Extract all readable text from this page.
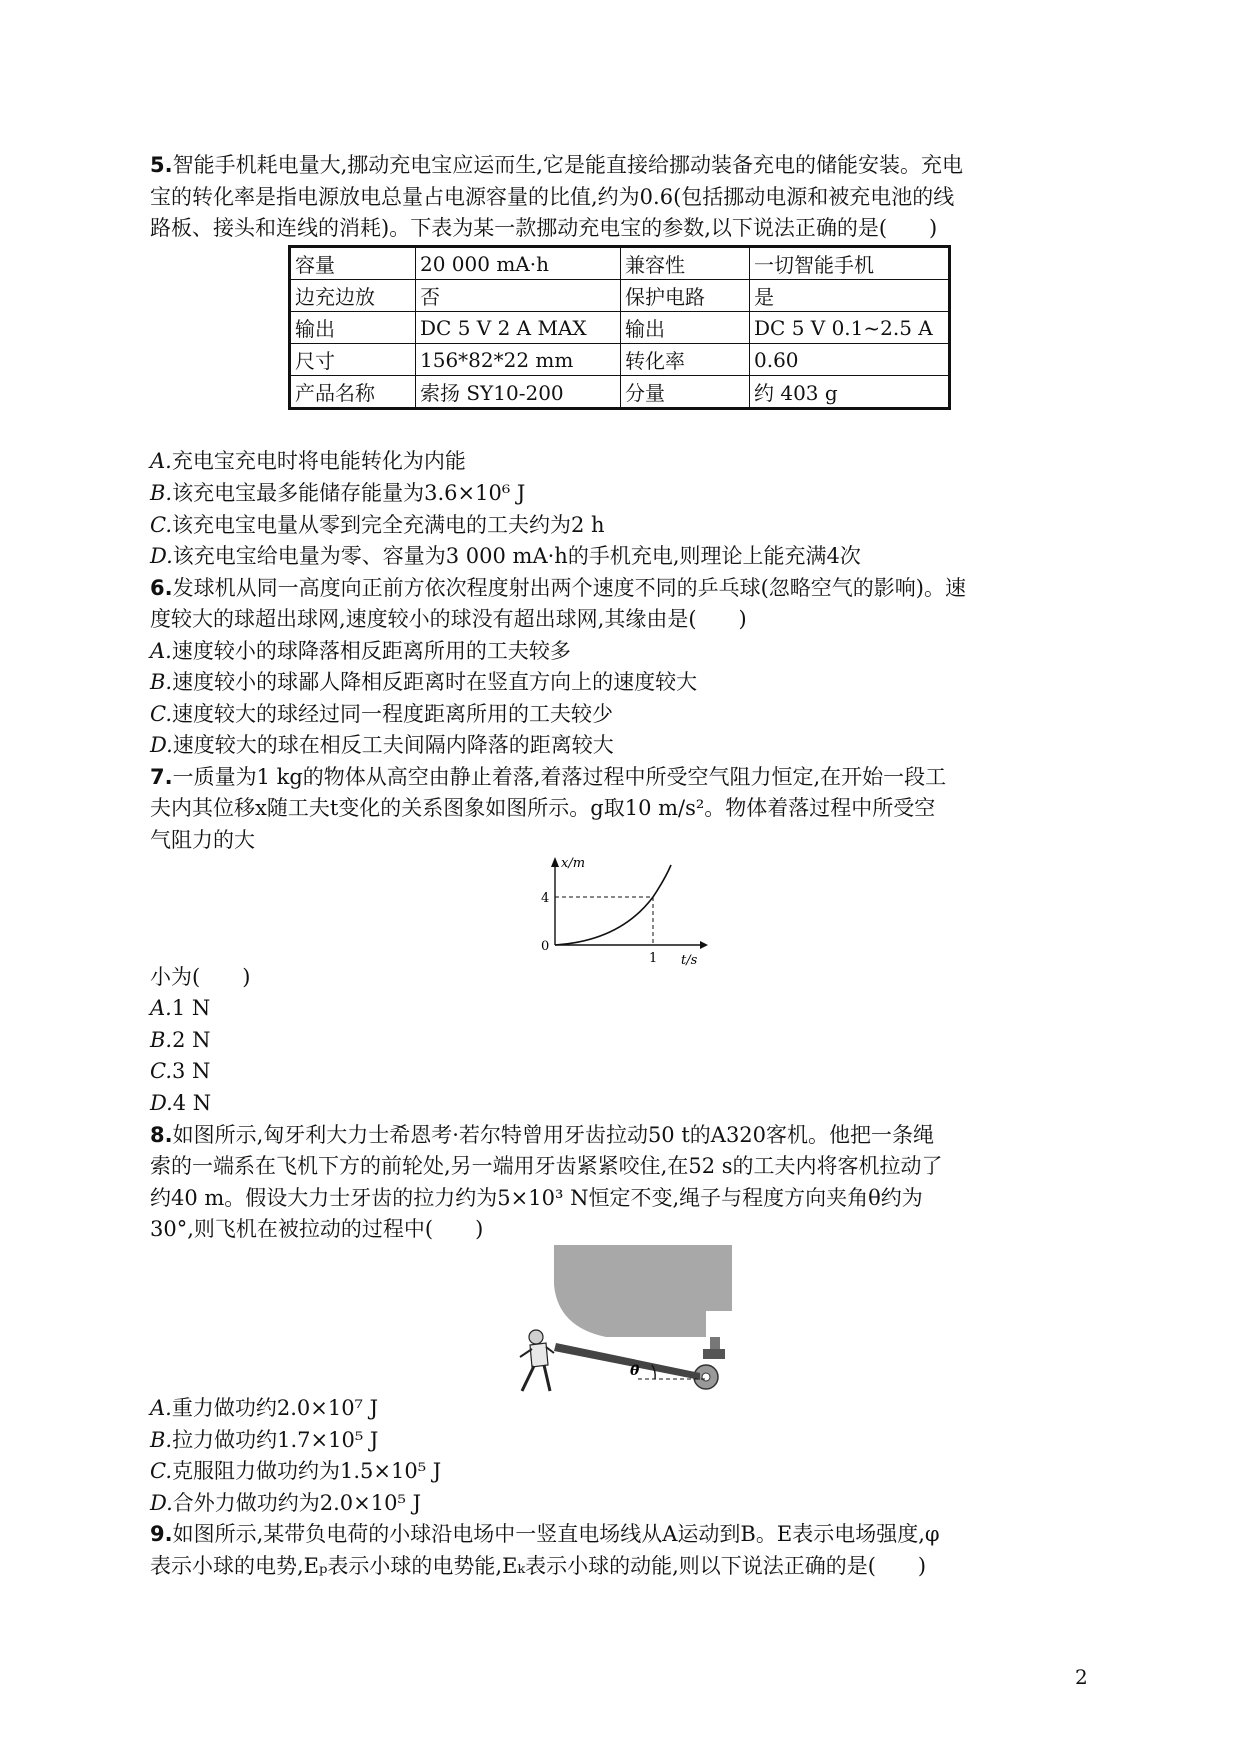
5.智能手机耗电量大,挪动充电宝应运而生,它是能直接给挪动装备充电的储能安装。充电
宝的转化率是指电源放电总量占电源容量的比值,约为0.6(包括挪动电源和被充电池的线
路板、接头和连线的消耗)。下表为某一款挪动充电宝的参数,以下说法正确的是(　　)
容量	20 000 mA·h	兼容性	一切智能手机
边充边放	否	保护电路	是
输出	DC 5 V 2 A MAX	输出	DC 5 V 0.1~2.5 A
尺寸	156*82*22 mm	转化率	0.60
产品名称	索扬 SY10-200	分量	约 403 g
A.充电宝充电时将电能转化为内能
B.该充电宝最多能储存能量为3.6×10⁶ J
C.该充电宝电量从零到完全充满电的工夫约为2 h
D.该充电宝给电量为零、容量为3 000 mA·h的手机充电,则理论上能充满4次
6.发球机从同一高度向正前方依次程度射出两个速度不同的乒乓球(忽略空气的影响)。速
度较大的球超出球网,速度较小的球没有超出球网,其缘由是(　　)
A.速度较小的球降落相反距离所用的工夫较多
B.速度较小的球鄙人降相反距离时在竖直方向上的速度较大
C.速度较大的球经过同一程度距离所用的工夫较少
D.速度较大的球在相反工夫间隔内降落的距离较大
7.一质量为1 kg的物体从高空由静止着落,着落过程中所受空气阻力恒定,在开始一段工
夫内其位移x随工夫t变化的关系图象如图所示。g取10 m/s²。物体着落过程中所受空
气阻力的大
x/m
t/s
4
1
0
小为(　　)
A.1 N
B.2 N
C.3 N
D.4 N
8.如图所示,匈牙利大力士希恩考·若尔特曾用牙齿拉动50 t的A320客机。他把一条绳
索的一端系在飞机下方的前轮处,另一端用牙齿紧紧咬住,在52 s的工夫内将客机拉动了
约40 m。假设大力士牙齿的拉力约为5×10³ N恒定不变,绳子与程度方向夹角θ约为
30°,则飞机在被拉动的过程中(　　)
θ
A.重力做功约2.0×10⁷ J
B.拉力做功约1.7×10⁵ J
C.克服阻力做功约为1.5×10⁵ J
D.合外力做功约为2.0×10⁵ J
9.如图所示,某带负电荷的小球沿电场中一竖直电场线从A运动到B。E表示电场强度,φ
表示小球的电势,Eₚ表示小球的电势能,Eₖ表示小球的动能,则以下说法正确的是(　　)
2
